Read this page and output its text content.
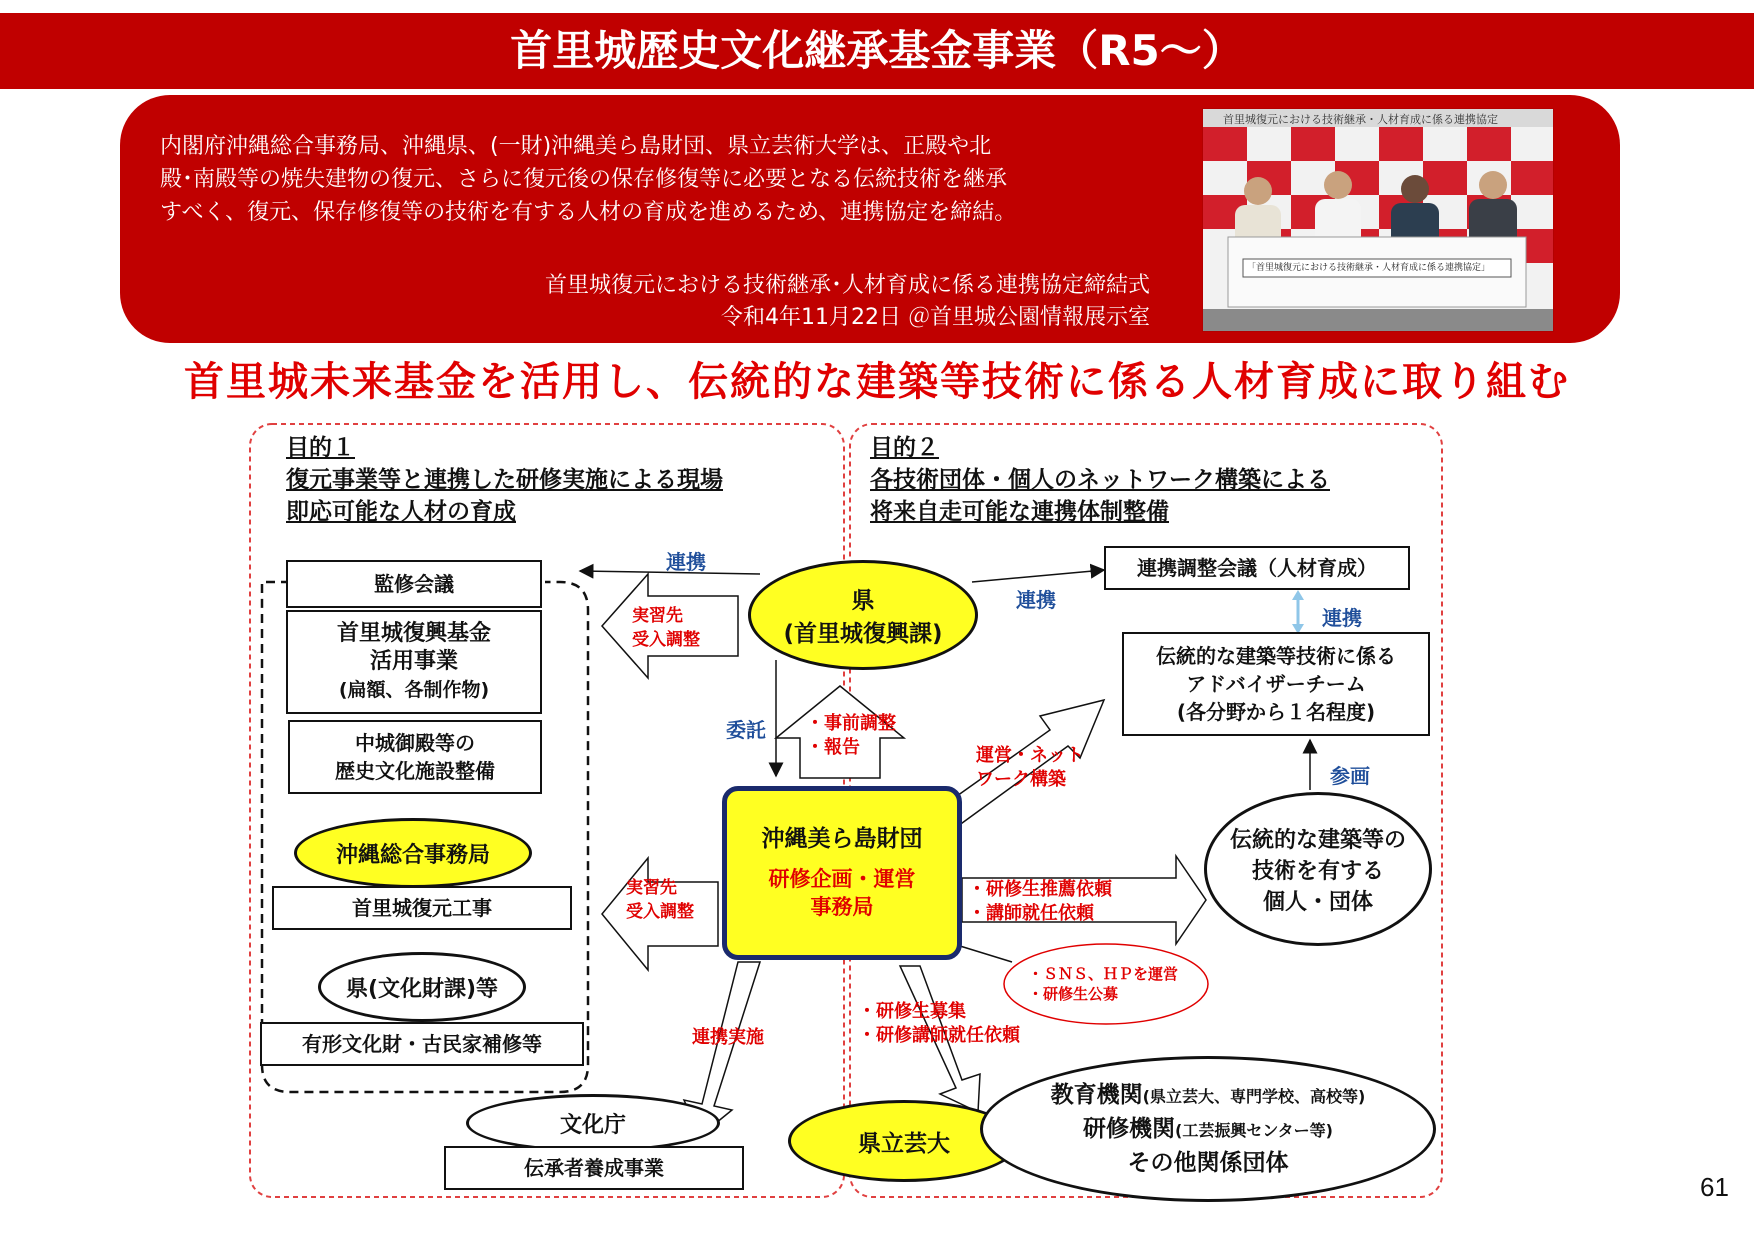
首里城歴史文化継承基金事業（R5～）

内閣府沖縄総合事務局、沖縄県、(一財)沖縄美ら島財団、県立芸術大学は、正殿や北
殿･南殿等の焼失建物の復元、さらに復元後の保存修復等に必要となる伝統技術を継承
すべく、復元、保存修復等の技術を有する人材の育成を進めるため、連携協定を締結。

首里城復元における技術継承･人材育成に係る連携協定締結式
令和4年11月22日 ＠首里城公園情報展示室
首里城復元における技術継承・人材育成に係る連携協定
「首里城復元における技術継承・人材育成に係る連携協定」
首里城未来基金を活用し、伝統的な建築等技術に係る人材育成に取り組む
目的１
復元事業等と連携した研修実施による現場
即応可能な人材の育成
目的２
各技術団体・個人のネットワーク構築による
将来自走可能な連携体制整備
監修会議
首里城復興基金
活用事業
(扁額、各制作物)
中城御殿等の
歴史文化施設整備
沖縄総合事務局
首里城復元工事
県(文化財課)等
有形文化財・古民家補修等
文化庁
伝承者養成事業
県
(首里城復興課)
沖縄美ら島財団
研修企画・運営
事務局
県立芸大
連携調整会議（人材育成）
伝統的な建築等技術に係る
アドバイザーチーム
(各分野から１名程度)
伝統的な建築等の
技術を有する
個人・団体
教育機関(県立芸大、専門学校、高校等)
研修機関(工芸振興センター等)
その他関係団体
連携
連携
連携
委託
参画
実習先
受入調整
・事前調整
・報告	運営・ネット
ワーク構築
実習先
受入調整
・研修生推薦依頼
・講師就任依頼
・ＳＮＳ、ＨＰを運営
・研修生公募
・研修生募集
・研修講師就任依頼
連携実施
61
